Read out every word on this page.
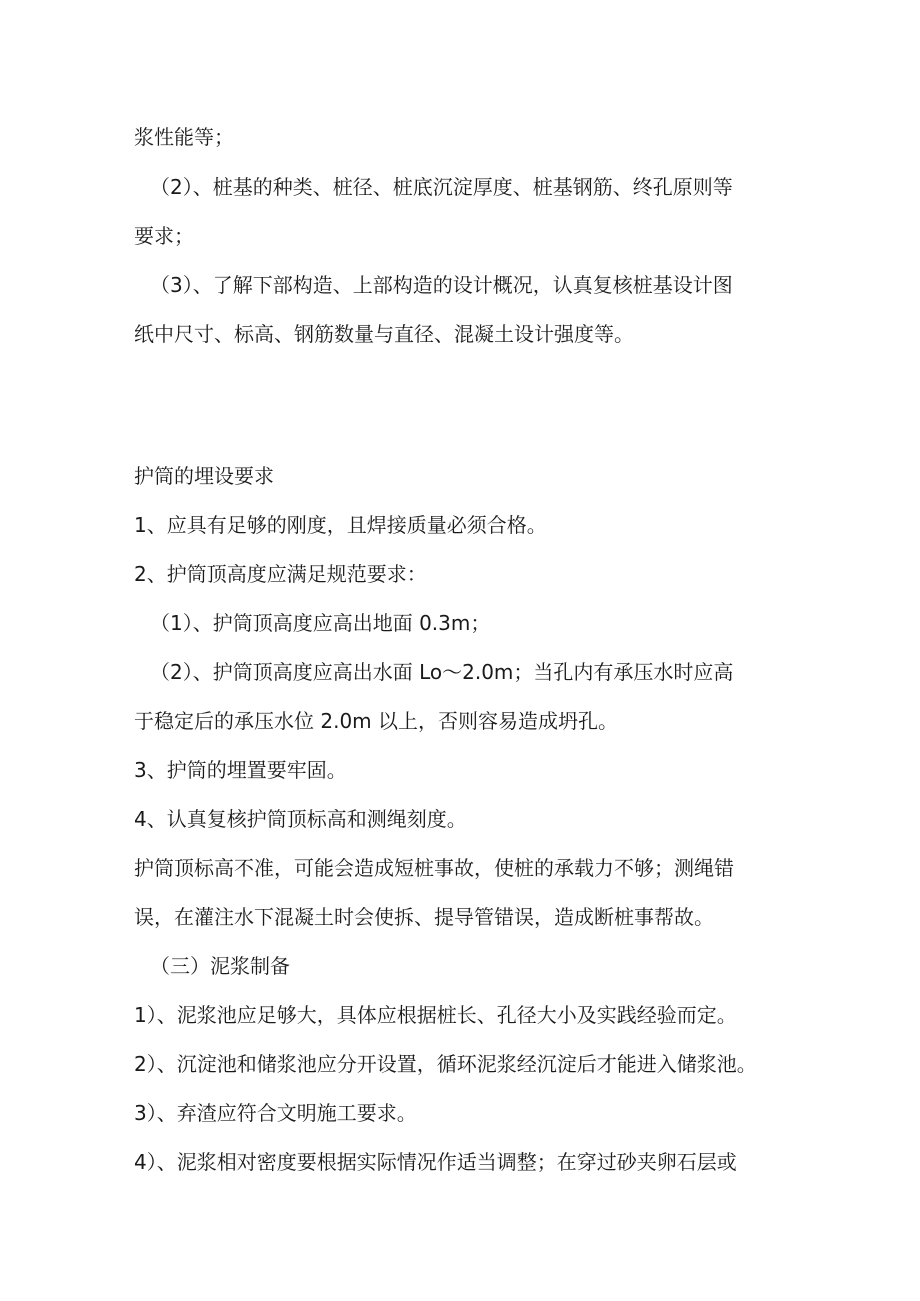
浆性能等；
（2）、桩基的种类、桩径、桩底沉淀厚度、桩基钢筋、终孔原则等
要求；
（3）、了解下部构造、上部构造的设计概况，认真复核桩基设计图
纸中尺寸、标高、钢筋数量与直径、混凝土设计强度等。
护筒的埋设要求
1、应具有足够的刚度，且焊接质量必须合格。
2、护筒顶高度应满足规范要求：
（1）、护筒顶高度应高出地面 0.3m；
（2）、护筒顶高度应高出水面 Lo～2.0m；当孔内有承压水时应高
于稳定后的承压水位 2.0m 以上，否则容易造成坍孔。
3、护筒的埋置要牢固。
4、认真复核护筒顶标高和测绳刻度。
护筒顶标高不准，可能会造成短桩事故，使桩的承载力不够；测绳错
误，在灌注水下混凝土时会使拆、提导管错误，造成断桩事帮故。
（三）泥浆制备
1）、泥浆池应足够大，具体应根据桩长、孔径大小及实践经验而定。
2）、沉淀池和储浆池应分开设置，循环泥浆经沉淀后才能进入储浆池。
3）、弃渣应符合文明施工要求。
4）、泥浆相对密度要根据实际情况作适当调整；在穿过砂夹卵石层或
